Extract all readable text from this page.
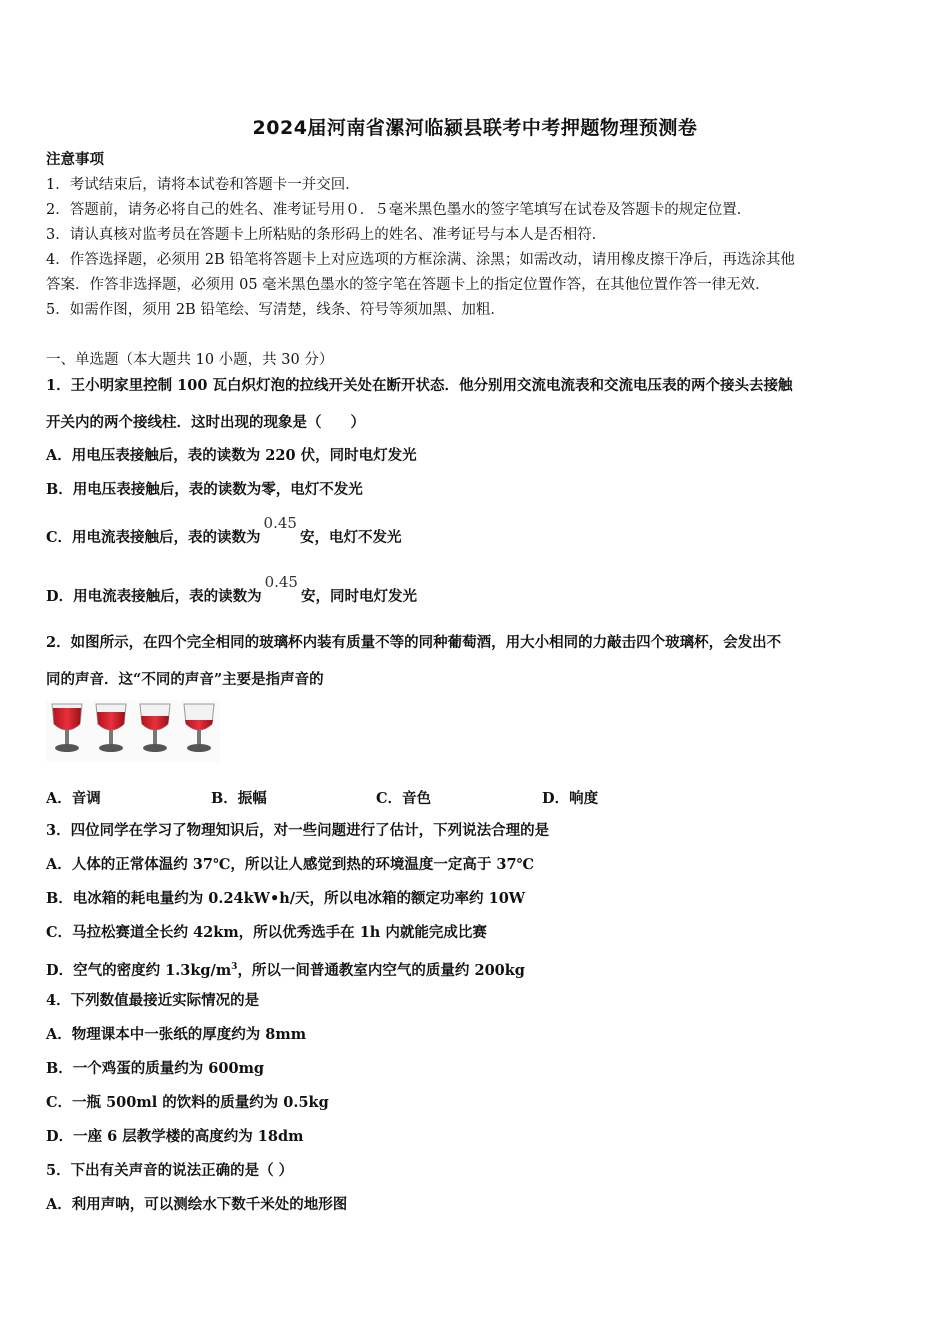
2024届河南省漯河临颍县联考中考押题物理预测卷
注意事项
1．考试结束后，请将本试卷和答题卡一并交回．
2．答题前，请务必将自己的姓名、准考证号用０．５毫米黑色墨水的签字笔填写在试卷及答题卡的规定位置．
3．请认真核对监考员在答题卡上所粘贴的条形码上的姓名、准考证号与本人是否相符．
4．作答选择题，必须用 2B 铅笔将答题卡上对应选项的方框涂满、涂黑；如需改动，请用橡皮擦干净后，再选涂其他
答案．作答非选择题，必须用 05 毫米黑色墨水的签字笔在答题卡上的指定位置作答，在其他位置作答一律无效．
5．如需作图，须用 2B 铅笔绘、写清楚，线条、符号等须加黑、加粗．
一、单选题（本大题共 10 小题，共 30 分）
1．王小明家里控制 100 瓦白炽灯泡的拉线开关处在断开状态．他分别用交流电流表和交流电压表的两个接头去接触
开关内的两个接线柱．这时出现的现象是（　　）
A．用电压表接触后，表的读数为 220 伏，同时电灯发光
B．用电压表接触后，表的读数为零，电灯不发光
C．用电流表接触后，表的读数为0.45安，电灯不发光
D．用电流表接触后，表的读数为0.45安，同时电灯发光
2．如图所示，在四个完全相同的玻璃杯内装有质量不等的同种葡萄酒，用大小相同的力敲击四个玻璃杯，会发出不
同的声音．这“不同的声音”主要是指声音的
A．音调	B．振幅	C．音色	D．响度
3．四位同学在学习了物理知识后，对一些问题进行了估计，下列说法合理的是
A．人体的正常体温约 37℃，所以让人感觉到热的环境温度一定高于 37℃
B．电冰箱的耗电量约为 0.24kW•h/天，所以电冰箱的额定功率约 10W
C．马拉松赛道全长约 42km，所以优秀选手在 1h 内就能完成比赛
D．空气的密度约 $1.3kg/m^3$，所以一间普通教室内空气的质量约 200kg
4．下列数值最接近实际情况的是
A．物理课本中一张纸的厚度约为 8mm
B．一个鸡蛋的质量约为 600mg
C．一瓶 500ml 的饮料的质量约为 0.5kg
D．一座 6 层教学楼的高度约为 18dm
5．下出有关声音的说法正确的是（ ）
A．利用声呐，可以测绘水下数千米处的地形图
